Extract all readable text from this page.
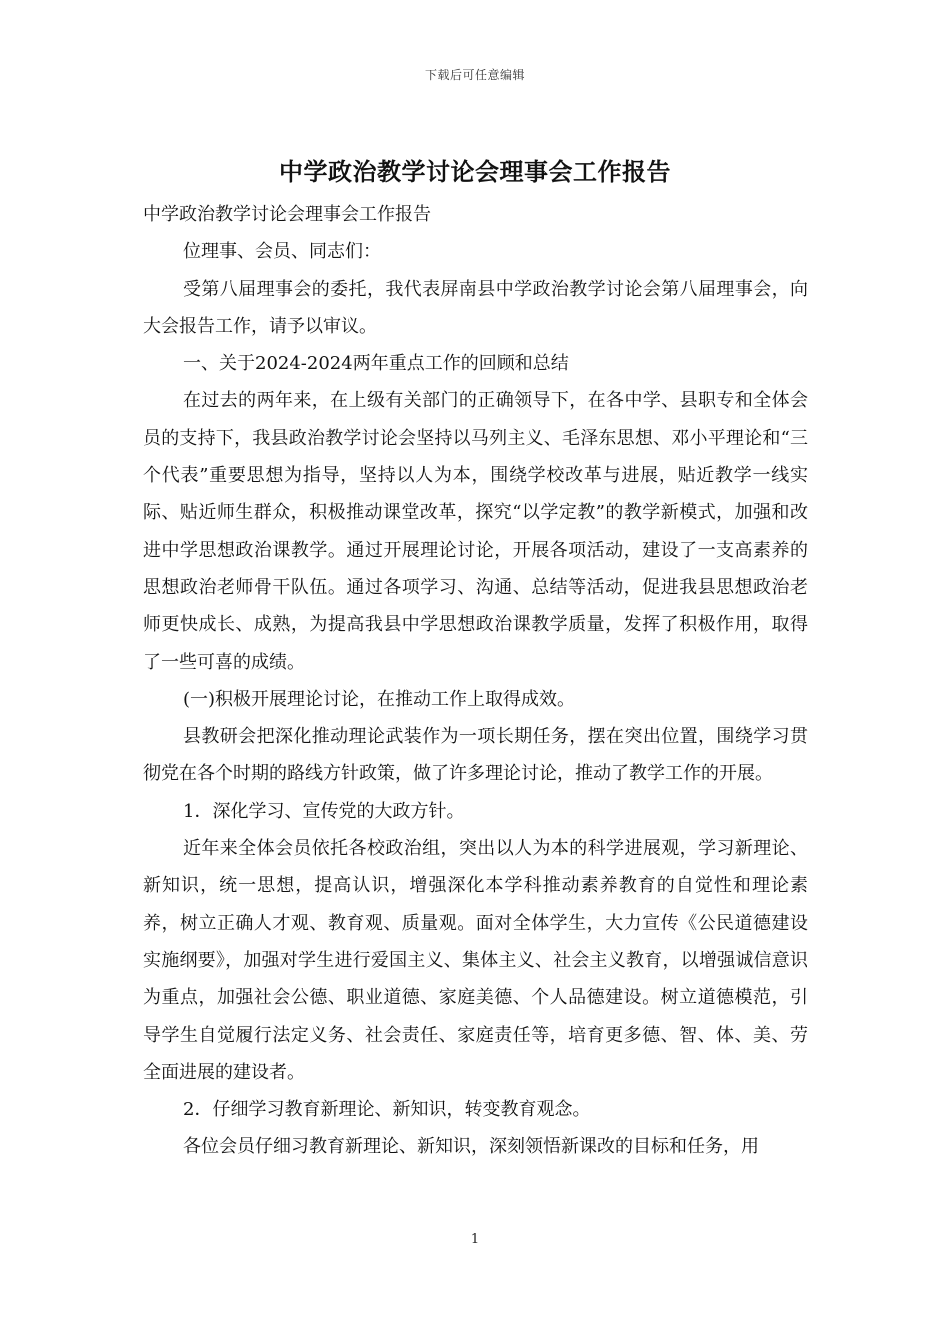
下载后可任意编辑
中学政治教学讨论会理事会工作报告

中学政治教学讨论会理事会工作报告

位理事、会员、同志们：

受第八届理事会的委托，我代表屏南县中学政治教学讨论会第八届理事会，向大会报告工作，请予以审议。

一、关于2024-2024两年重点工作的回顾和总结

在过去的两年来，在上级有关部门的正确领导下，在各中学、县职专和全体会员的支持下，我县政治教学讨论会坚持以马列主义、毛泽东思想、邓小平理论和“三个代表”重要思想为指导，坚持以人为本，围绕学校改革与进展，贴近教学一线实际、贴近师生群众，积极推动课堂改革，探究“以学定教”的教学新模式，加强和改进中学思想政治课教学。通过开展理论讨论，开展各项活动，建设了一支高素养的思想政治老师骨干队伍。通过各项学习、沟通、总结等活动，促进我县思想政治老师更快成长、成熟，为提高我县中学思想政治课教学质量，发挥了积极作用，取得了一些可喜的成绩。

(一)积极开展理论讨论，在推动工作上取得成效。

县教研会把深化推动理论武装作为一项长期任务，摆在突出位置，围绕学习贯彻党在各个时期的路线方针政策，做了许多理论讨论，推动了教学工作的开展。

1．深化学习、宣传党的大政方针。

近年来全体会员依托各校政治组，突出以人为本的科学进展观，学习新理论、新知识，统一思想，提高认识，增强深化本学科推动素养教育的自觉性和理论素养，树立正确人才观、教育观、质量观。面对全体学生，大力宣传《公民道德建设实施纲要》，加强对学生进行爱国主义、集体主义、社会主义教育，以增强诚信意识为重点，加强社会公德、职业道德、家庭美德、个人品德建设。树立道德模范，引导学生自觉履行法定义务、社会责任、家庭责任等，培育更多德、智、体、美、劳全面进展的建设者。

2．仔细学习教育新理论、新知识，转变教育观念。

各位会员仔细习教育新理论、新知识，深刻领悟新课改的目标和任务，用

1
